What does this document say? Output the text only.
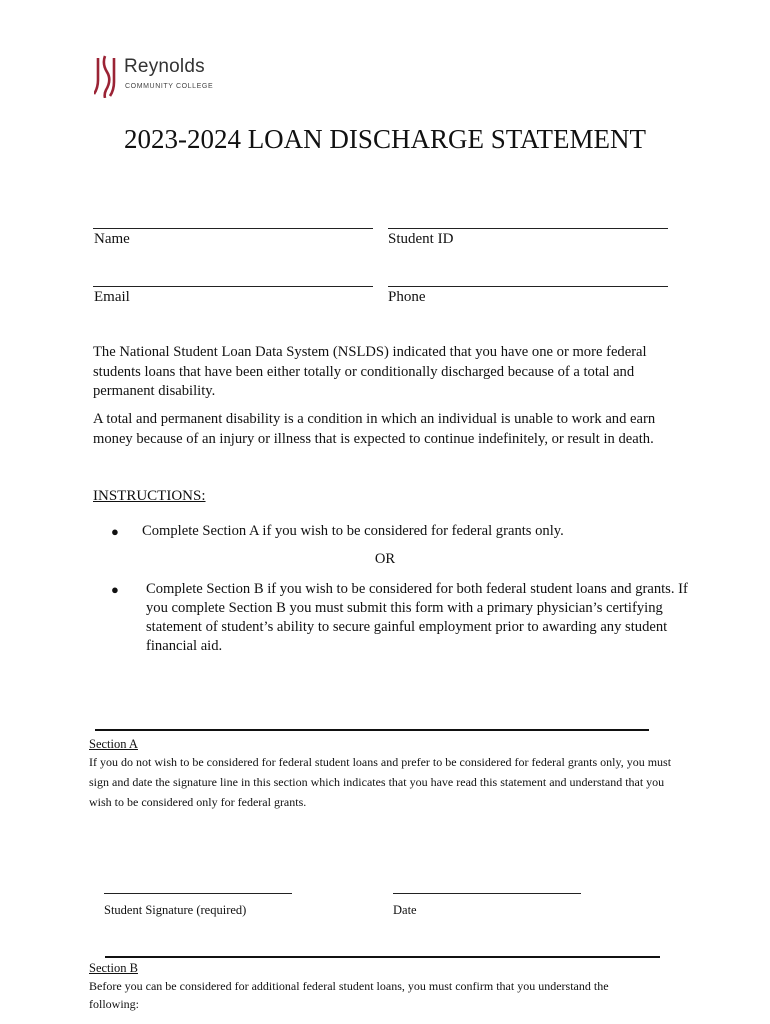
Reynolds
COMMUNITY COLLEGE
2023-2024 LOAN DISCHARGE STATEMENT
Name	Student ID
Email	Phone

The National Student Loan Data System (NSLDS) indicated that you have one or more federal students loans that have been either totally or conditionally discharged because of a total and permanent disability.

A total and permanent disability is a condition in which an individual is unable to work and earn money because of an injury or illness that is expected to continue indefinitely, or result in death.

INSTRUCTIONS:
● Complete Section A if you wish to be considered for federal grants only.

OR
● Complete Section B if you wish to be considered for both federal student loans and grants. If you complete Section B you must submit this form with a primary physician’s certifying statement of student’s ability to secure gainful employment prior to awarding any student financial aid.

Section A

If you do not wish to be considered for federal student loans and prefer to be considered for federal grants only, you must sign and date the signature line in this section which indicates that you have read this statement and understand that you wish to be considered only for federal grants.

Student Signature (required)	Date
Section B

Before you can be considered for additional federal student loans, you must confirm that you understand the following:
